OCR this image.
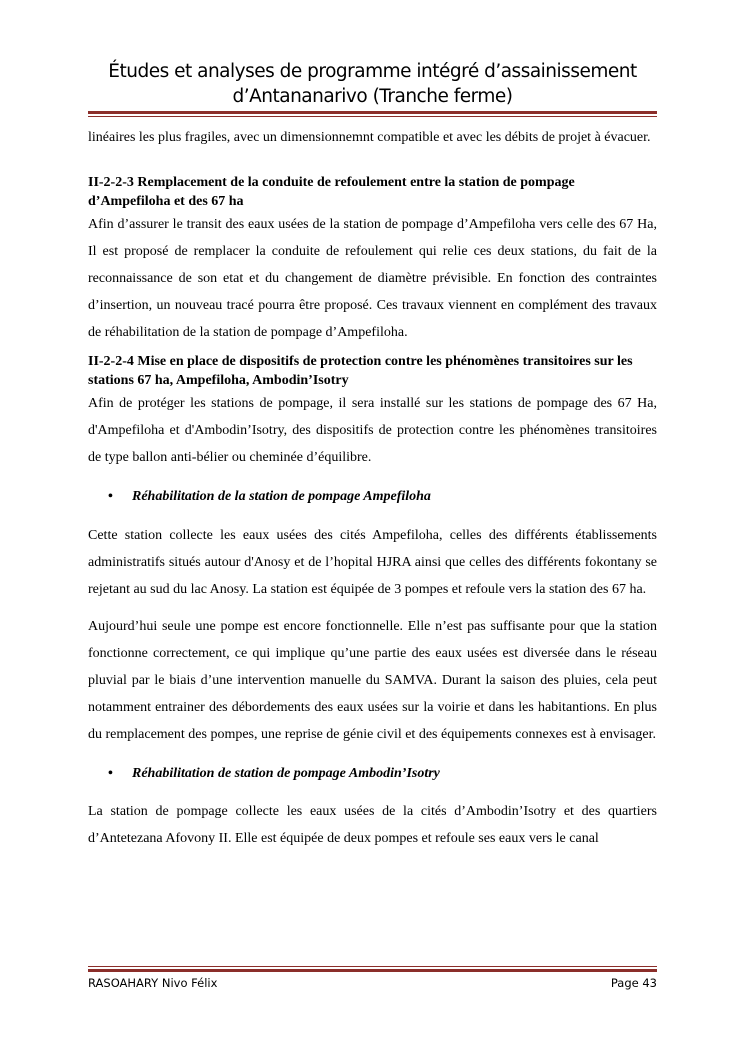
Études et analyses de programme intégré d’assainissement
d’Antananarivo (Tranche ferme)

linéaires les plus fragiles, avec un dimensionnemnt compatible et avec les débits de projet à évacuer.

II-2-2-3 Remplacement de la conduite de refoulement entre la station de pompage d’Ampefiloha et des 67 ha

Afin d’assurer le transit des eaux usées de la station de pompage d’Ampefiloha vers celle des 67 Ha, Il est proposé de remplacer la conduite de refoulement qui relie ces deux stations, du fait de la reconnaissance de son etat et du changement de diamètre prévisible. En fonction des contraintes d’insertion, un nouveau tracé pourra être proposé. Ces travaux viennent en complément des travaux de réhabilitation de la station de pompage d’Ampefiloha.

II-2-2-4 Mise en place de dispositifs de protection contre les phénomènes transitoires sur les stations 67 ha, Ampefiloha, Ambodin’Isotry

Afin de protéger les stations de pompage, il sera installé sur les stations de pompage des 67 Ha, d'Ampefiloha et d'Ambodin’Isotry, des dispositifs de protection contre les phénomènes transitoires de type ballon anti-bélier ou cheminée d’équilibre.

• Réhabilitation de la station de pompage Ampefiloha

Cette station collecte les eaux usées des cités Ampefiloha, celles des différents établissements administratifs situés autour d'Anosy et de l’hopital HJRA ainsi que celles des différents fokontany se rejetant au sud du lac Anosy. La station est équipée de 3 pompes et refoule vers la station des 67 ha.

Aujourd’hui seule une pompe est encore fonctionnelle. Elle n’est pas suffisante pour que la station fonctionne correctement, ce qui implique qu’une partie des eaux usées est diversée dans le réseau pluvial par le biais d’une intervention manuelle du SAMVA. Durant la saison des pluies, cela peut notamment entrainer des débordements des eaux usées sur la voirie et dans les habitantions. En plus du remplacement des pompes, une reprise de génie civil et des équipements connexes est à envisager.

• Réhabilitation de station de pompage Ambodin’Isotry

La station de pompage collecte les eaux usées de la cités d’Ambodin’Isotry et des quartiers d’Antetezana Afovony II. Elle est équipée de deux pompes et refoule ses eaux vers le canal

RASOAHARY Nivo Félix	Page 43
